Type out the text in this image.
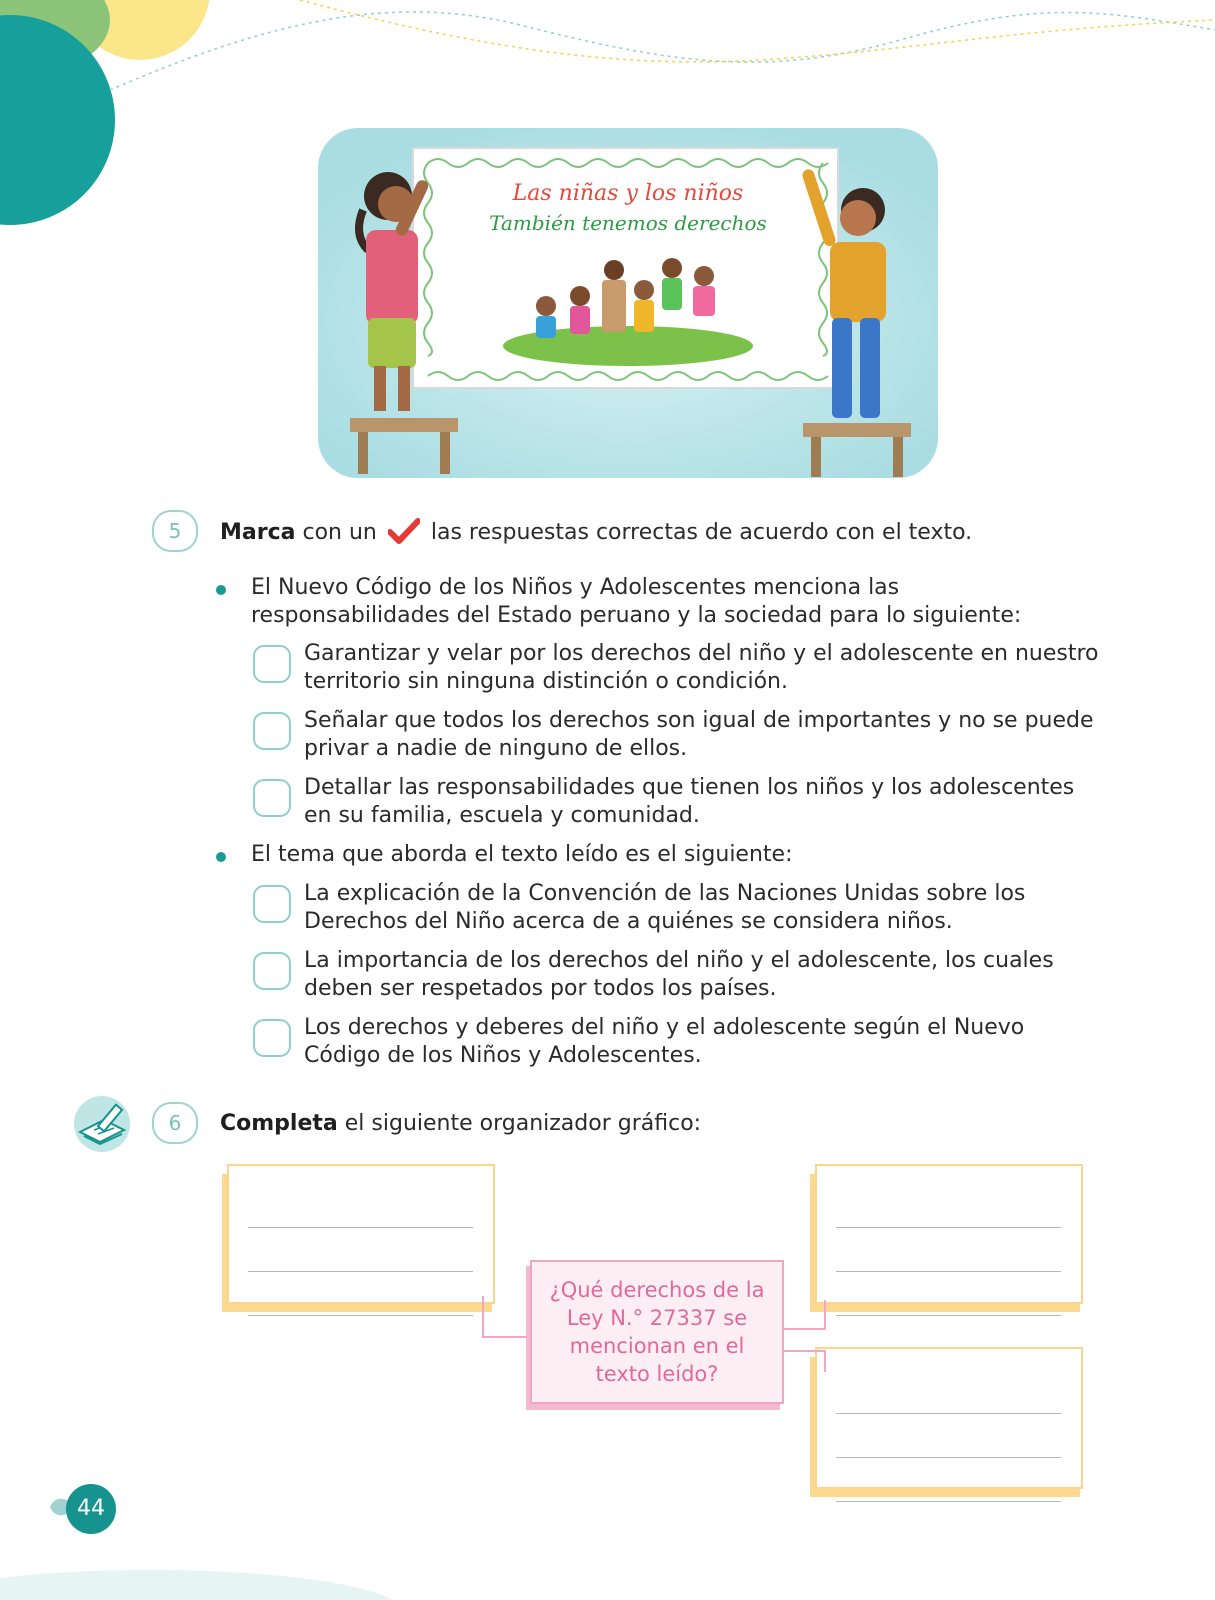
Las niñas y los niños
También tenemos derechos
5	Marca con un las respuestas correctas de acuerdo con el texto.
El Nuevo Código de los Niños y Adolescentes menciona las
responsabilidades del Estado peruano y la sociedad para lo siguiente:
Garantizar y velar por los derechos del niño y el adolescente en nuestro
territorio sin ninguna distinción o condición.
Señalar que todos los derechos son igual de importantes y no se puede
privar a nadie de ninguno de ellos.
Detallar las responsabilidades que tienen los niños y los adolescentes
en su familia, escuela y comunidad.
El tema que aborda el texto leído es el siguiente:
La explicación de la Convención de las Naciones Unidas sobre los
Derechos del Niño acerca de a quiénes se considera niños.
La importancia de los derechos del niño y el adolescente, los cuales
deben ser respetados por todos los países.
Los derechos y deberes del niño y el adolescente según el Nuevo
Código de los Niños y Adolescentes.
6	Completa el siguiente organizador gráfico:
¿Qué derechos de la Ley N.° 27337 se mencionan en el texto leído?
44
